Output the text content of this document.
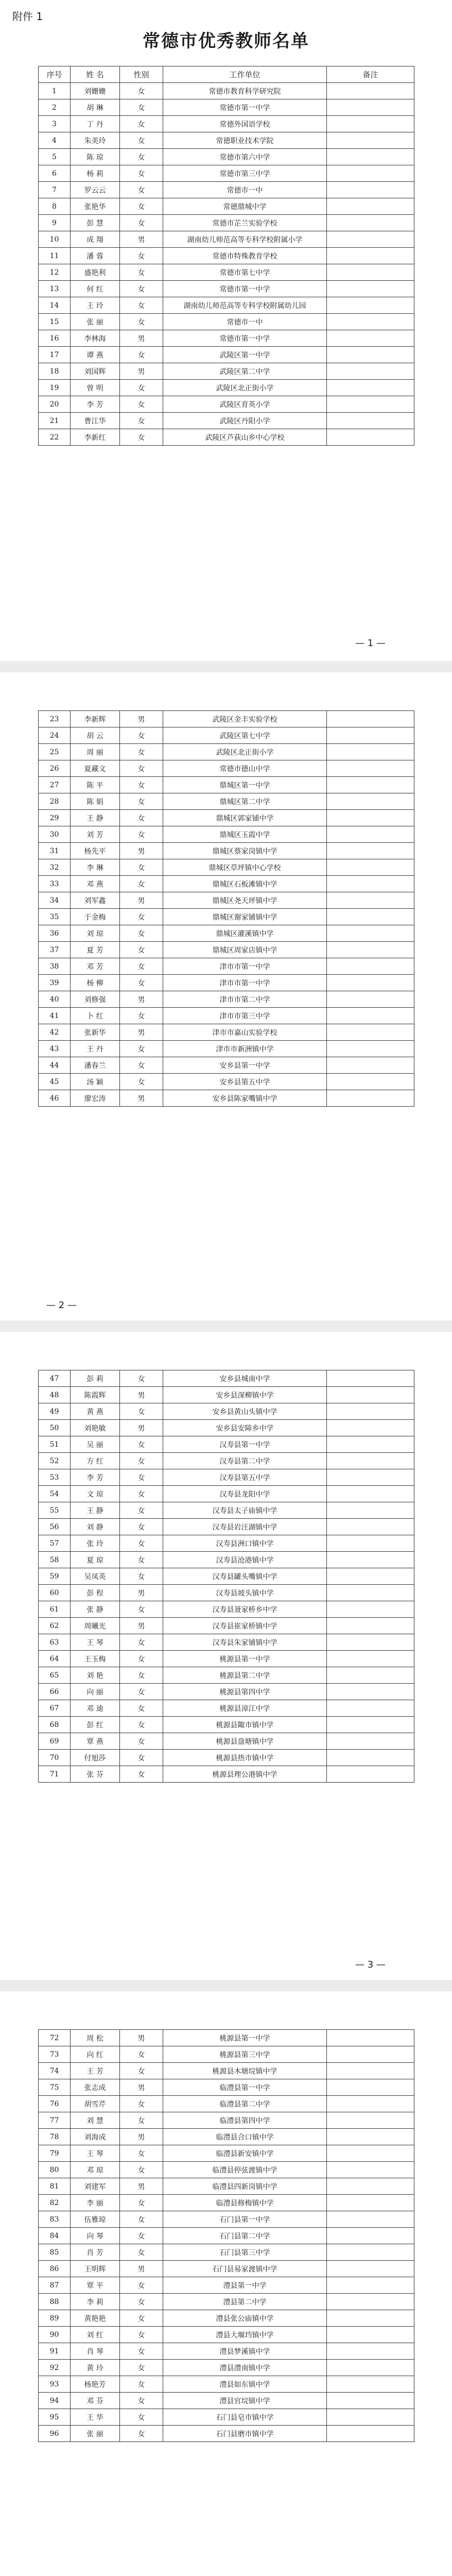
附件 1
常德市优秀教师名单
序号	姓 名	性别	工作单位	备注
1	刘姗姗	女	常德市教育科学研究院	
2	胡 琳	女	常德市第一中学	
3	丁 丹	女	常德外国语学校	
4	朱美玲	女	常德职业技术学院	
5	陈 琼	女	常德市第六中学	
6	杨 莉	女	常德市第三中学	
7	罗云云	女	常德市一中	
8	张艳华	女	常德鼎城中学	
9	彭 慧	女	常德市芷兰实验学校	
10	成 翔	男	湖南幼儿师范高等专科学校附属小学	
11	潘 蓉	女	常德市特殊教育学校	
12	盛艳利	女	常德市第七中学	
13	何 红	女	常德市第一中学	
14	王 玲	女	湖南幼儿师范高等专科学校附属幼儿园	
15	张 丽	女	常德市一中	
16	李林海	男	常德市第一中学	
17	谭 燕	女	武陵区第一中学	
18	刘国辉	男	武陵区第二中学	
19	曾 明	女	武陵区北正街小学	
20	李 芳	女	武陵区育英小学	
21	曹江华	女	武陵区丹阳小学	
22	李新红	女	武陵区芦荻山乡中心学校	
— 1 —
23	李新辉	男	武陵区金丰实验学校	
24	胡 云	女	武陵区第七中学	
25	周 丽	女	武陵区北正街小学	
26	夏藏文	女	常德市德山中学	
27	陈 平	女	鼎城区第一中学	
28	陈 娟	女	鼎城区第二中学	
29	王 静	女	鼎城区郭家铺中学	
30	刘 芳	女	鼎城区玉霞中学	
31	杨先平	男	鼎城区蔡家岗镇中学	
32	李 琳	女	鼎城区草坪镇中心学校	
33	邓 燕	女	鼎城区石板滩镇中学	
34	刘军鑫	男	鼎城区尧天坪镇中学	
35	于金梅	女	鼎城区谢家铺镇中学	
36	刘 琼	女	鼎城区灌溪镇中学	
37	夏 芳	女	鼎城区周家店镇中学	
38	邓 芳	女	津市市第一中学	
39	杨 柳	女	津市市第一中学	
40	刘修强	男	津市市第二中学	
41	卜 红	女	津市市第三中学	
42	张新华	男	津市市嘉山实验学校	
43	王 丹	女	津市市新洲镇中学	
44	潘春兰	女	安乡县第一中学	
45	汤 颖	女	安乡县第五中学	
46	廖宏涛	男	安乡县陈家嘴镇中学	
— 2 —
47	彭 莉	女	安乡县城南中学	
48	陈霞辉	男	安乡县深柳镇中学	
49	黄 燕	女	安乡县黄山头镇中学	
50	刘艳敏	男	安乡县安障乡中学	
51	吴 丽	女	汉寿县第一中学	
52	方 红	女	汉寿县第二中学	
53	李 芳	女	汉寿县第五中学	
54	文 琼	女	汉寿县龙阳中学	
55	王 静	女	汉寿县太子庙镇中学	
56	刘 静	女	汉寿县岩汪湖镇中学	
57	张 玲	女	汉寿县洲口镇中学	
58	夏 琼	女	汉寿县沧港镇中学	
59	吴凤英	女	汉寿县罐头嘴镇中学	
60	彭 程	男	汉寿县坡头镇中学	
61	张 静	女	汉寿县聂家桥乡中学	
62	周曦光	男	汉寿县崔家桥镇中学	
63	王 琴	女	汉寿县朱家铺镇中学	
64	王玉梅	女	桃源县第一中学	
65	刘 艳	女	桃源县第二中学	
66	向 丽	女	桃源县第四中学	
67	邓 迪	女	桃源县漳江中学	
68	彭 红	女	桃源县陬市镇中学	
69	覃 燕	女	桃源县盘塘镇中学	
70	付旭莎	女	桃源县热市镇中学	
71	张 芬	女	桃源县理公港镇中学	
— 3 —
72	周 松	男	桃源县第一中学	
73	向 红	女	桃源县第三中学	
74	王 芳	女	桃源县木塘垸镇中学	
75	张志成	男	临澧县第一中学	
76	胡雪芹	女	临澧县第二中学	
77	刘 慧	女	临澧县第四中学	
78	刘海成	男	临澧县合口镇中学	
79	王 琴	女	临澧县新安镇中学	
80	邓 琼	女	临澧县停弦渡镇中学	
81	刘建军	男	临澧县四新岗镇中学	
82	李 丽	女	临澧县修梅镇中学	
83	伍雅琼	女	石门县第一中学	
84	向 琴	女	石门县第二中学	
85	肖 芳	女	石门县第三中学	
86	王明辉	男	石门县易家渡镇中学	
87	覃 平	女	澧县第一中学	
88	李 莉	女	澧县第二中学	
89	黄艳艳	女	澧县张公庙镇中学	
90	刘 红	女	澧县大堰垱镇中学	
91	肖 琴	女	澧县梦溪镇中学	
92	黄 玲	女	澧县澧南镇中学	
93	杨艳芳	女	澧县如东镇中学	
94	邓 芬	女	澧县官垸镇中学	
95	王 华	女	石门县皂市镇中学	
96	张 丽	女	石门县磨市镇中学	
